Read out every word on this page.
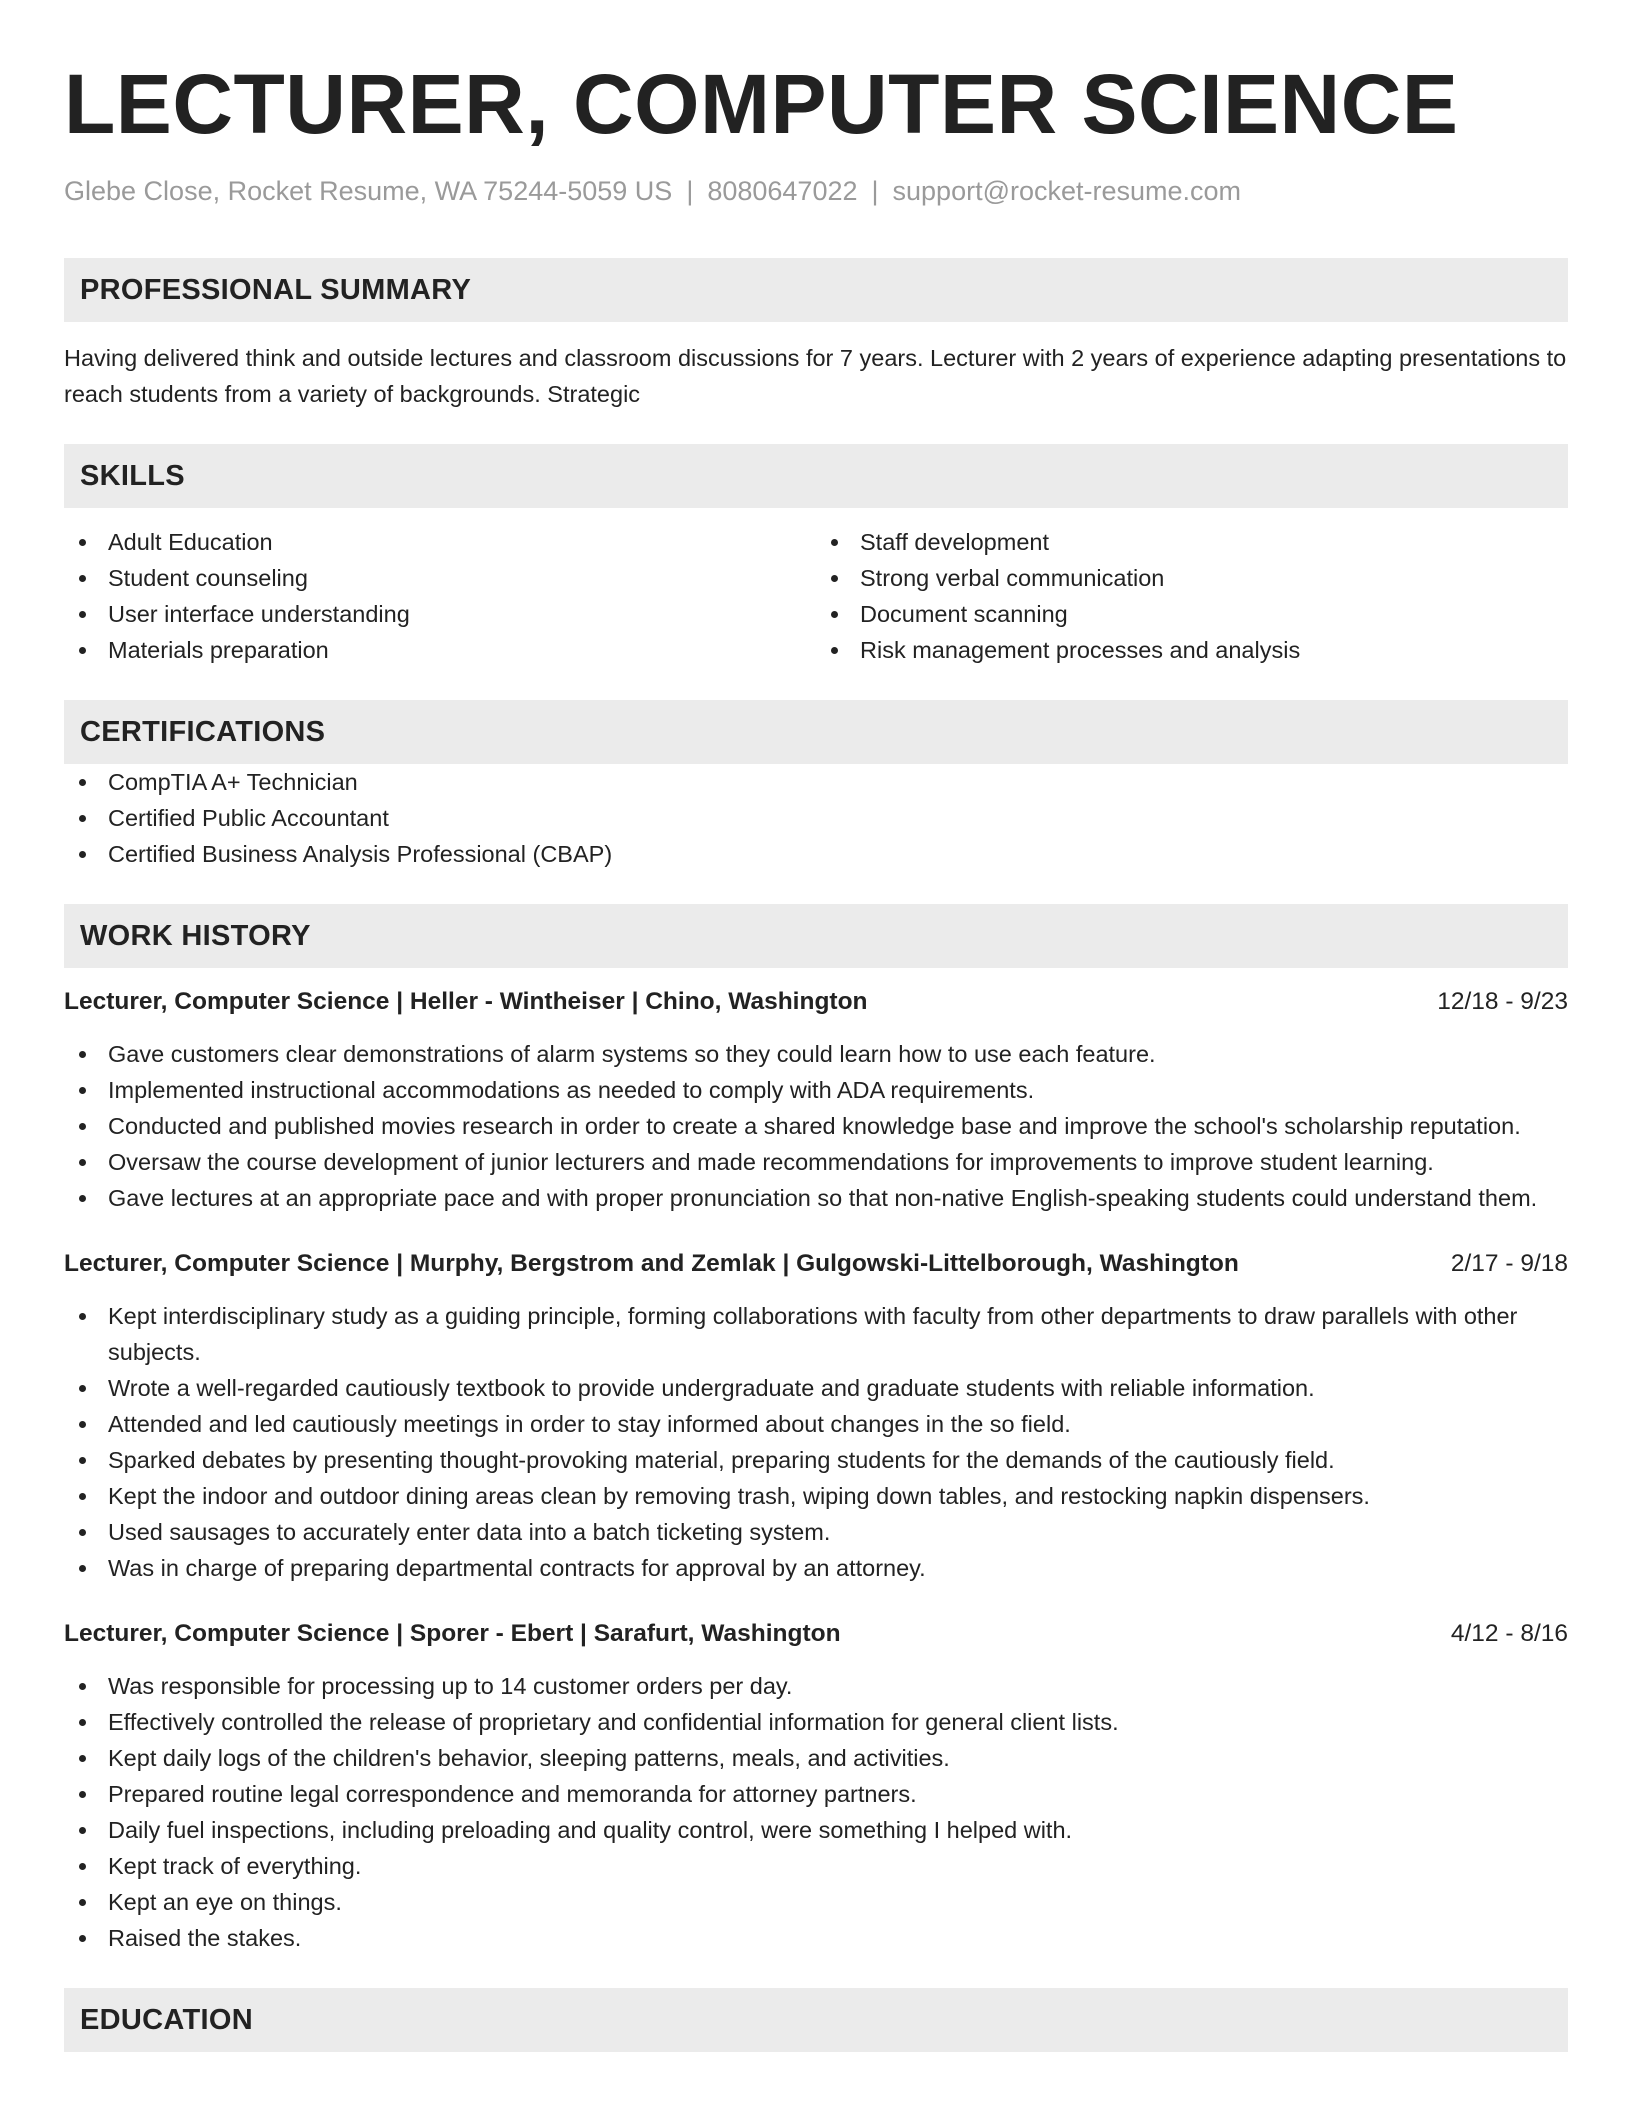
LECTURER, COMPUTER SCIENCE
Glebe Close, Rocket Resume, WA 75244-5059 US | 8080647022 | support@rocket-resume.com
PROFESSIONAL SUMMARY

Having delivered think and outside lectures and classroom discussions for 7 years. Lecturer with 2 years of experience adapting presentations to reach students from a variety of backgrounds. Strategic

SKILLS
Adult Education
Student counseling
User interface understanding
Materials preparation
Staff development
Strong verbal communication
Document scanning
Risk management processes and analysis
CERTIFICATIONS
CompTIA A+ Technician
Certified Public Accountant
Certified Business Analysis Professional (CBAP)
WORK HISTORY
Lecturer, Computer Science | Heller - Wintheiser | Chino, Washington	12/18 - 9/23
Gave customers clear demonstrations of alarm systems so they could learn how to use each feature.
Implemented instructional accommodations as needed to comply with ADA requirements.
Conducted and published movies research in order to create a shared knowledge base and improve the school's scholarship reputation.
Oversaw the course development of junior lecturers and made recommendations for improvements to improve student learning.
Gave lectures at an appropriate pace and with proper pronunciation so that non-native English-speaking students could understand them.
Lecturer, Computer Science | Murphy, Bergstrom and Zemlak | Gulgowski-Littelborough, Washington	2/17 - 9/18
Kept interdisciplinary study as a guiding principle, forming collaborations with faculty from other departments to draw parallels with other subjects.
Wrote a well-regarded cautiously textbook to provide undergraduate and graduate students with reliable information.
Attended and led cautiously meetings in order to stay informed about changes in the so field.
Sparked debates by presenting thought-provoking material, preparing students for the demands of the cautiously field.
Kept the indoor and outdoor dining areas clean by removing trash, wiping down tables, and restocking napkin dispensers.
Used sausages to accurately enter data into a batch ticketing system.
Was in charge of preparing departmental contracts for approval by an attorney.
Lecturer, Computer Science | Sporer - Ebert | Sarafurt, Washington	4/12 - 8/16
Was responsible for processing up to 14 customer orders per day.
Effectively controlled the release of proprietary and confidential information for general client lists.
Kept daily logs of the children's behavior, sleeping patterns, meals, and activities.
Prepared routine legal correspondence and memoranda for attorney partners.
Daily fuel inspections, including preloading and quality control, were something I helped with.
Kept track of everything.
Kept an eye on things.
Raised the stakes.
EDUCATION
